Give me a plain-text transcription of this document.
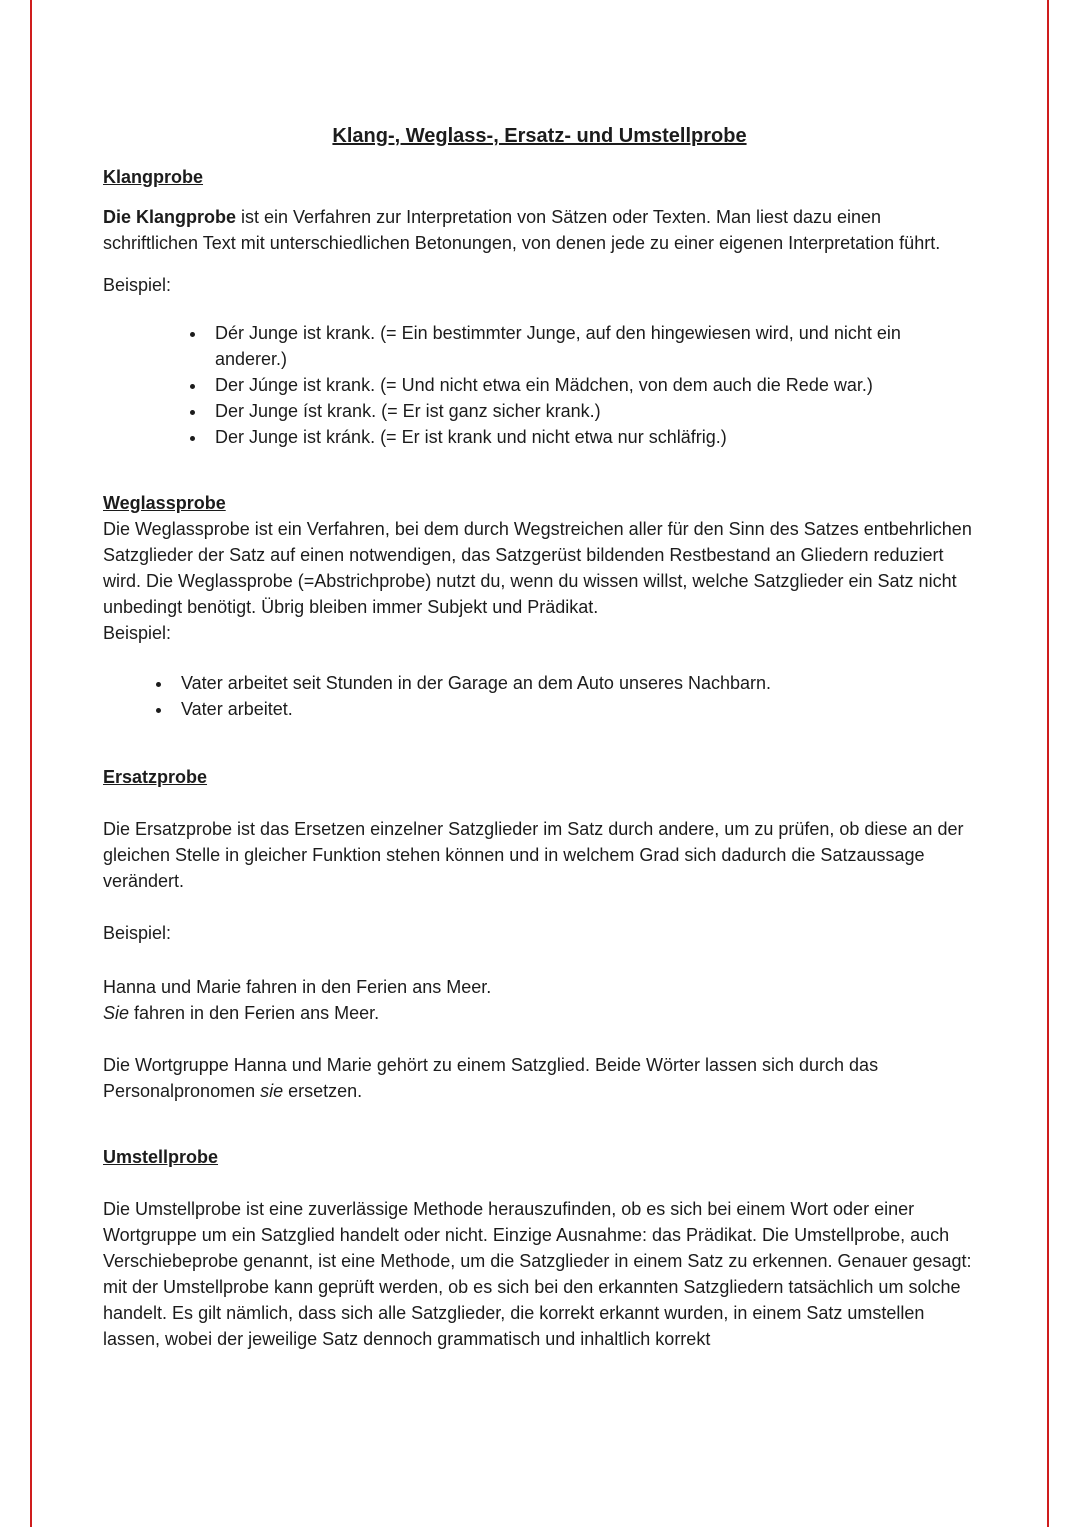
Klang-, Weglass-, Ersatz- und Umstellprobe

Klangprobe

Die Klangprobe ist ein Verfahren zur Interpretation von Sätzen oder Texten. Man liest dazu einen schriftlichen Text mit unterschiedlichen Betonungen, von denen jede zu einer eigenen Interpretation führt.

Beispiel:

• Dér Junge ist krank. (= Ein bestimmter Junge, auf den hingewiesen wird, und nicht ein anderer.)
• Der Júnge ist krank. (= Und nicht etwa ein Mädchen, von dem auch die Rede war.)
• Der Junge íst krank. (= Er ist ganz sicher krank.)
• Der Junge ist kránk. (= Er ist krank und nicht etwa nur schläfrig.)

Weglassprobe

Die Weglassprobe ist ein Verfahren, bei dem durch Wegstreichen aller für den Sinn des Satzes entbehrlichen Satzglieder der Satz auf einen notwendigen, das Satzgerüst bildenden Restbestand an Gliedern reduziert wird. Die Weglassprobe (=Abstrichprobe) nutzt du, wenn du wissen willst, welche Satzglieder ein Satz nicht unbedingt benötigt. Übrig bleiben immer Subjekt und Prädikat.

Beispiel:

• Vater arbeitet seit Stunden in der Garage an dem Auto unseres Nachbarn.
• Vater arbeitet.

Ersatzprobe

Die Ersatzprobe ist das Ersetzen einzelner Satzglieder im Satz durch andere, um zu prüfen, ob diese an der gleichen Stelle in gleicher Funktion stehen können und in welchem Grad sich dadurch die Satzaussage verändert.

Beispiel:

Hanna und Marie fahren in den Ferien ans Meer.
Sie fahren in den Ferien ans Meer.

Die Wortgruppe Hanna und Marie gehört zu einem Satzglied. Beide Wörter lassen sich durch das Personalpronomen sie ersetzen.

Umstellprobe

Die Umstellprobe ist eine zuverlässige Methode herauszufinden, ob es sich bei einem Wort oder einer Wortgruppe um ein Satzglied handelt oder nicht. Einzige Ausnahme: das Prädikat. Die Umstellprobe, auch Verschiebeprobe genannt, ist eine Methode, um die Satzglieder in einem Satz zu erkennen. Genauer gesagt: mit der Umstellprobe kann geprüft werden, ob es sich bei den erkannten Satzgliedern tatsächlich um solche handelt. Es gilt nämlich, dass sich alle Satzglieder, die korrekt erkannt wurden, in einem Satz umstellen lassen, wobei der jeweilige Satz dennoch grammatisch und inhaltlich korrekt
